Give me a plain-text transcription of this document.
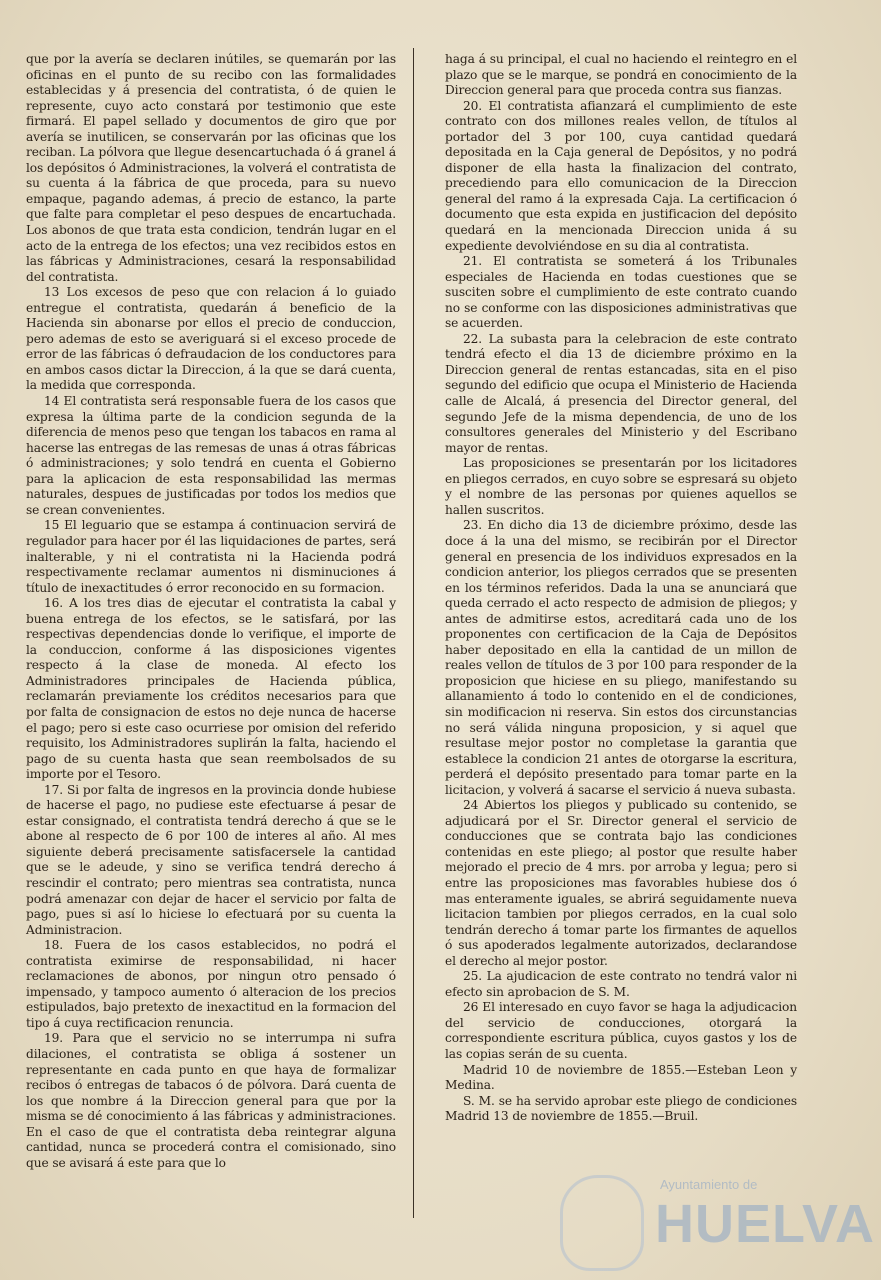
que por la avería se declaren inútiles, se quemarán por las oficinas en el punto de su recibo con las formalidades establecidas y á presencia del contratista, ó de quien le represente, cuyo acto constará por testimonio que este firmará. El papel sellado y documentos de giro que por avería se inutilicen, se conservarán por las oficinas que los reciban. La pólvora que llegue desencartuchada ó á granel á los depósitos ó Administraciones, la volverá el contratista de su cuenta á la fábrica de que proceda, para su nuevo empaque, pagando ademas, á precio de estanco, la parte que falte para completar el peso despues de encartuchada. Los abonos de que trata esta condicion, tendrán lugar en el acto de la entrega de los efectos; una vez recibidos estos en las fábricas y Administraciones, cesará la responsabilidad del contratista.

13 Los excesos de peso que con relacion á lo guiado entregue el contratista, quedarán á beneficio de la Hacienda sin abonarse por ellos el precio de conduccion, pero ademas de esto se averiguará si el exceso procede de error de las fábricas ó defraudacion de los conductores para en ambos casos dictar la Direccion, á la que se dará cuenta, la medida que corresponda.

14 El contratista será responsable fuera de los casos que expresa la última parte de la condicion segunda de la diferencia de menos peso que tengan los tabacos en rama al hacerse las entregas de las remesas de unas á otras fábricas ó administraciones; y solo tendrá en cuenta el Gobierno para la aplicacion de esta responsabilidad las mermas naturales, despues de justificadas por todos los medios que se crean convenientes.

15 El leguario que se estampa á continuacion servirá de regulador para hacer por él las liquidaciones de partes, será inalterable, y ni el contratista ni la Hacienda podrá respectivamente reclamar aumentos ni disminuciones á título de inexactitudes ó error reconocido en su formacion.

16. A los tres dias de ejecutar el contratista la cabal y buena entrega de los efectos, se le satisfará, por las respectivas dependencias donde lo verifique, el importe de la conduccion, conforme á las disposiciones vigentes respecto á la clase de moneda. Al efecto los Administradores principales de Hacienda pública, reclamarán previamente los créditos necesarios para que por falta de consignacion de estos no deje nunca de hacerse el pago; pero si este caso ocurriese por omision del referido requisito, los Administradores suplirán la falta, haciendo el pago de su cuenta hasta que sean reembolsados de su importe por el Tesoro.

17. Si por falta de ingresos en la provincia donde hubiese de hacerse el pago, no pudiese este efectuarse á pesar de estar consignado, el contratista tendrá derecho á que se le abone al respecto de 6 por 100 de interes al año. Al mes siguiente deberá precisamente satisfacersele la cantidad que se le adeude, y sino se verifica tendrá derecho á rescindir el contrato; pero mientras sea contratista, nunca podrá amenazar con dejar de hacer el servicio por falta de pago, pues si así lo hiciese lo efectuará por su cuenta la Administracion.

18. Fuera de los casos establecidos, no podrá el contratista eximirse de responsabilidad, ni hacer reclamaciones de abonos, por ningun otro pensado ó impensado, y tampoco aumento ó alteracion de los precios estipulados, bajo pretexto de inexactitud en la formacion del tipo á cuya rectificacion renuncia.

19. Para que el servicio no se interrumpa ni sufra dilaciones, el contratista se obliga á sostener un representante en cada punto en que haya de formalizar recibos ó entregas de tabacos ó de pólvora. Dará cuenta de los que nombre á la Direccion general para que por la misma se dé conocimiento á las fábricas y administraciones. En el caso de que el contratista deba reintegrar alguna cantidad, nunca se procederá contra el comisionado, sino que se avisará á este para que lo

haga á su principal, el cual no haciendo el reintegro en el plazo que se le marque, se pondrá en conocimiento de la Direccion general para que proceda contra sus fianzas.

20. El contratista afianzará el cumplimiento de este contrato con dos millones reales vellon, de títulos al portador del 3 por 100, cuya cantidad quedará depositada en la Caja general de Depósitos, y no podrá disponer de ella hasta la finalizacion del contrato, precediendo para ello comunicacion de la Direccion general del ramo á la expresada Caja. La certificacion ó documento que esta expida en justificacion del depósito quedará en la mencionada Direccion unida á su expediente devolviéndose en su dia al contratista.

21. El contratista se someterá á los Tribunales especiales de Hacienda en todas cuestiones que se susciten sobre el cumplimiento de este contrato cuando no se conforme con las disposiciones administrativas que se acuerden.

22. La subasta para la celebracion de este contrato tendrá efecto el dia 13 de diciembre próximo en la Direccion general de rentas estancadas, sita en el piso segundo del edificio que ocupa el Ministerio de Hacienda calle de Alcalá, á presencia del Director general, del segundo Jefe de la misma dependencia, de uno de los consultores generales del Ministerio y del Escribano mayor de rentas.

Las proposiciones se presentarán por los licitadores en pliegos cerrados, en cuyo sobre se espresará su objeto y el nombre de las personas por quienes aquellos se hallen suscritos.

23. En dicho dia 13 de diciembre próximo, desde las doce á la una del mismo, se recibirán por el Director general en presencia de los individuos expresados en la condicion anterior, los pliegos cerrados que se presenten en los términos referidos. Dada la una se anunciará que queda cerrado el acto respecto de admision de pliegos; y antes de admitirse estos, acreditará cada uno de los proponentes con certificacion de la Caja de Depósitos haber depositado en ella la cantidad de un millon de reales vellon de títulos de 3 por 100 para responder de la proposicion que hiciese en su pliego, manifestando su allanamiento á todo lo contenido en el de condiciones, sin modificacion ni reserva. Sin estos dos circunstancias no será válida ninguna proposicion, y si aquel que resultase mejor postor no completase la garantia que establece la condicion 21 antes de otorgarse la escritura, perderá el depósito presentado para tomar parte en la licitacion, y volverá á sacarse el servicio á nueva subasta.

24 Abiertos los pliegos y publicado su contenido, se adjudicará por el Sr. Director general el servicio de conducciones que se contrata bajo las condiciones contenidas en este pliego; al postor que resulte haber mejorado el precio de 4 mrs. por arroba y legua; pero si entre las proposiciones mas favorables hubiese dos ó mas enteramente iguales, se abrirá seguidamente nueva licitacion tambien por pliegos cerrados, en la cual solo tendrán derecho á tomar parte los firmantes de aquellos ó sus apoderados legalmente autorizados, declarandose el derecho al mejor postor.

25. La ajudicacion de este contrato no tendrá valor ni efecto sin aprobacion de S. M.

26 El interesado en cuyo favor se haga la adjudicacion del servicio de conducciones, otorgará la correspondiente escritura pública, cuyos gastos y los de las copias serán de su cuenta.

Madrid 10 de noviembre de 1855.—Esteban Leon y Medina.

S. M. se ha servido aprobar este pliego de condiciones Madrid 13 de noviembre de 1855.—Bruil.

Ayuntamiento de
HUELVA
